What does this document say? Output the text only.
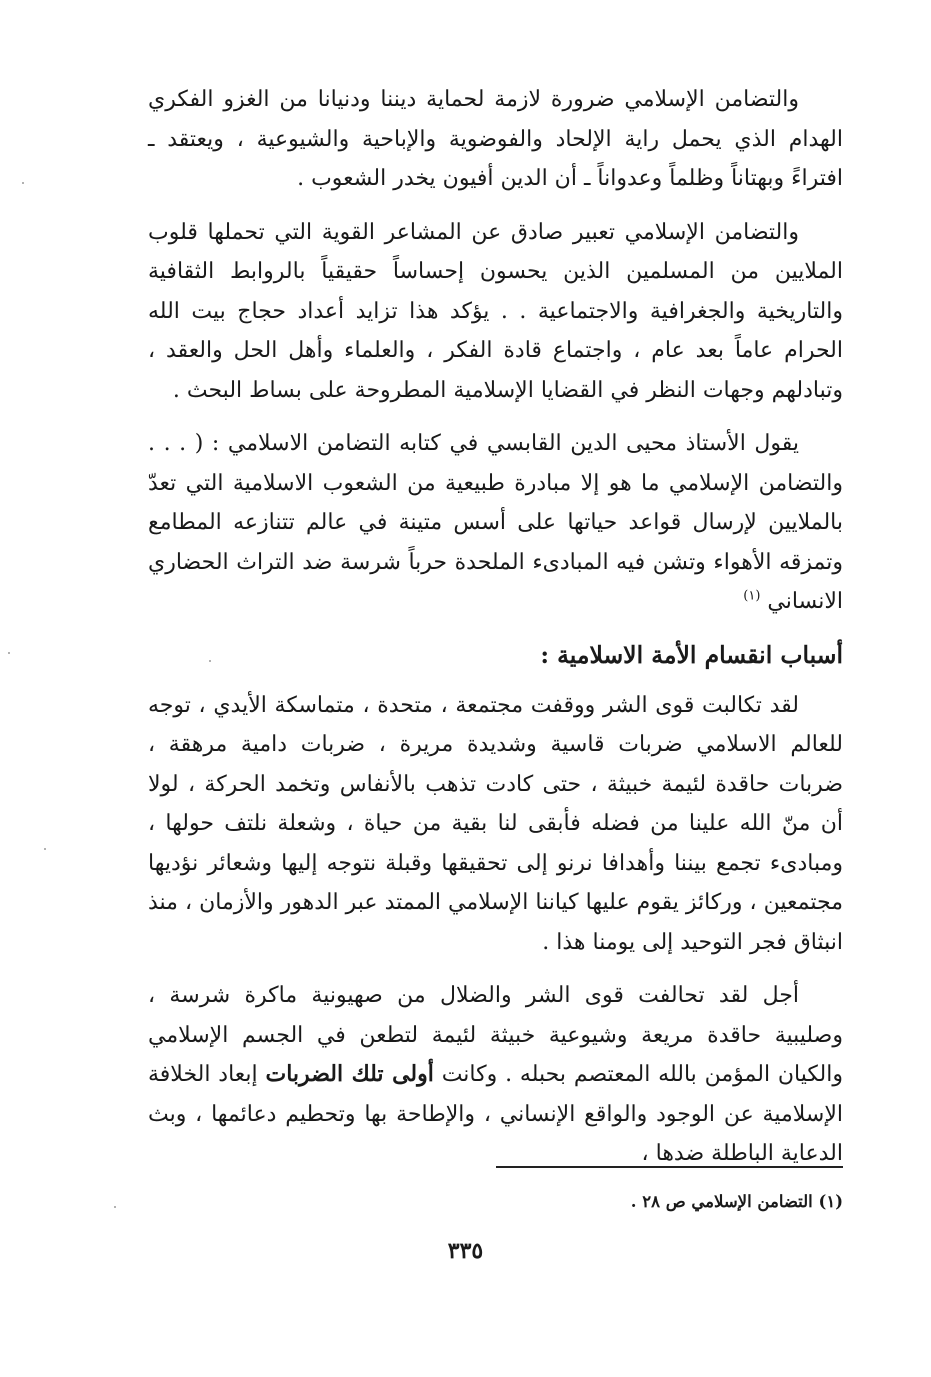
والتضامن الإسلامي ضرورة لازمة لحماية ديننا ودنيانا من الغزو الفكري الهدام الذي يحمل راية الإلحاد والفوضوية والإباحية والشيوعية ، ويعتقد ـ افتراءً وبهتاناً وظلماً وعدواناً ـ أن الدين أفيون يخدر الشعوب .

والتضامن الإسلامي تعبير صادق عن المشاعر القوية التي تحملها قلوب الملايين من المسلمين الذين يحسون إحساساً حقيقياً بالروابط الثقافية والتاريخية والجغرافية والاجتماعية . . يؤكد هذا تزايد أعداد حجاج بيت الله الحرام عاماً بعد عام ، واجتماع قادة الفكر ، والعلماء وأهل الحل والعقد ، وتبادلهم وجهات النظر في القضايا الإسلامية المطروحة على بساط البحث .

يقول الأستاذ محيى الدين القابسي في كتابه التضامن الاسلامي : ( . . . والتضامن الإسلامي ما هو إلا مبادرة طبيعية من الشعوب الاسلامية التي تعدّ بالملايين لإرسال قواعد حياتها على أسس متينة في عالم تتنازعه المطامع وتمزقه الأهواء وتشن فيه المبادىء الملحدة حرباً شرسة ضد التراث الحضاري الانساني $^{(١)}$

أسباب انقسام الأمة الاسلامية :

لقد تكالبت قوى الشر ووقفت مجتمعة ، متحدة ، متماسكة الأيدي ، توجه للعالم الاسلامي ضربات قاسية وشديدة مريرة ، ضربات دامية مرهقة ، ضربات حاقدة لئيمة خبيثة ، حتى كادت تذهب بالأنفاس وتخمد الحركة ، لولا أن منّ الله علينا من فضله فأبقى لنا بقية من حياة ، وشعلة نلتف حولها ، ومبادىء تجمع بيننا وأهدافا نرنو إلى تحقيقها وقبلة نتوجه إليها وشعائر نؤديها مجتمعين ، وركائز يقوم عليها كياننا الإسلامي الممتد عبر الدهور والأزمان ، منذ انبثاق فجر التوحيد إلى يومنا هذا .

أجل لقد تحالفت قوى الشر والضلال من صهيونية ماكرة شرسة ، وصليبية حاقدة مريعة وشيوعية خبيثة لئيمة لتطعن في الجسم الإسلامي والكيان المؤمن بالله المعتصم بحبله . وكانت أولى تلك الضربات إبعاد الخلافة الإسلامية عن الوجود والواقع الإنساني ، والإطاحة بها وتحطيم دعائمها ، وبث الدعاية الباطلة ضدها ،

(١) التضامن الإسلامي ص ٢٨ .
٣٣٥
